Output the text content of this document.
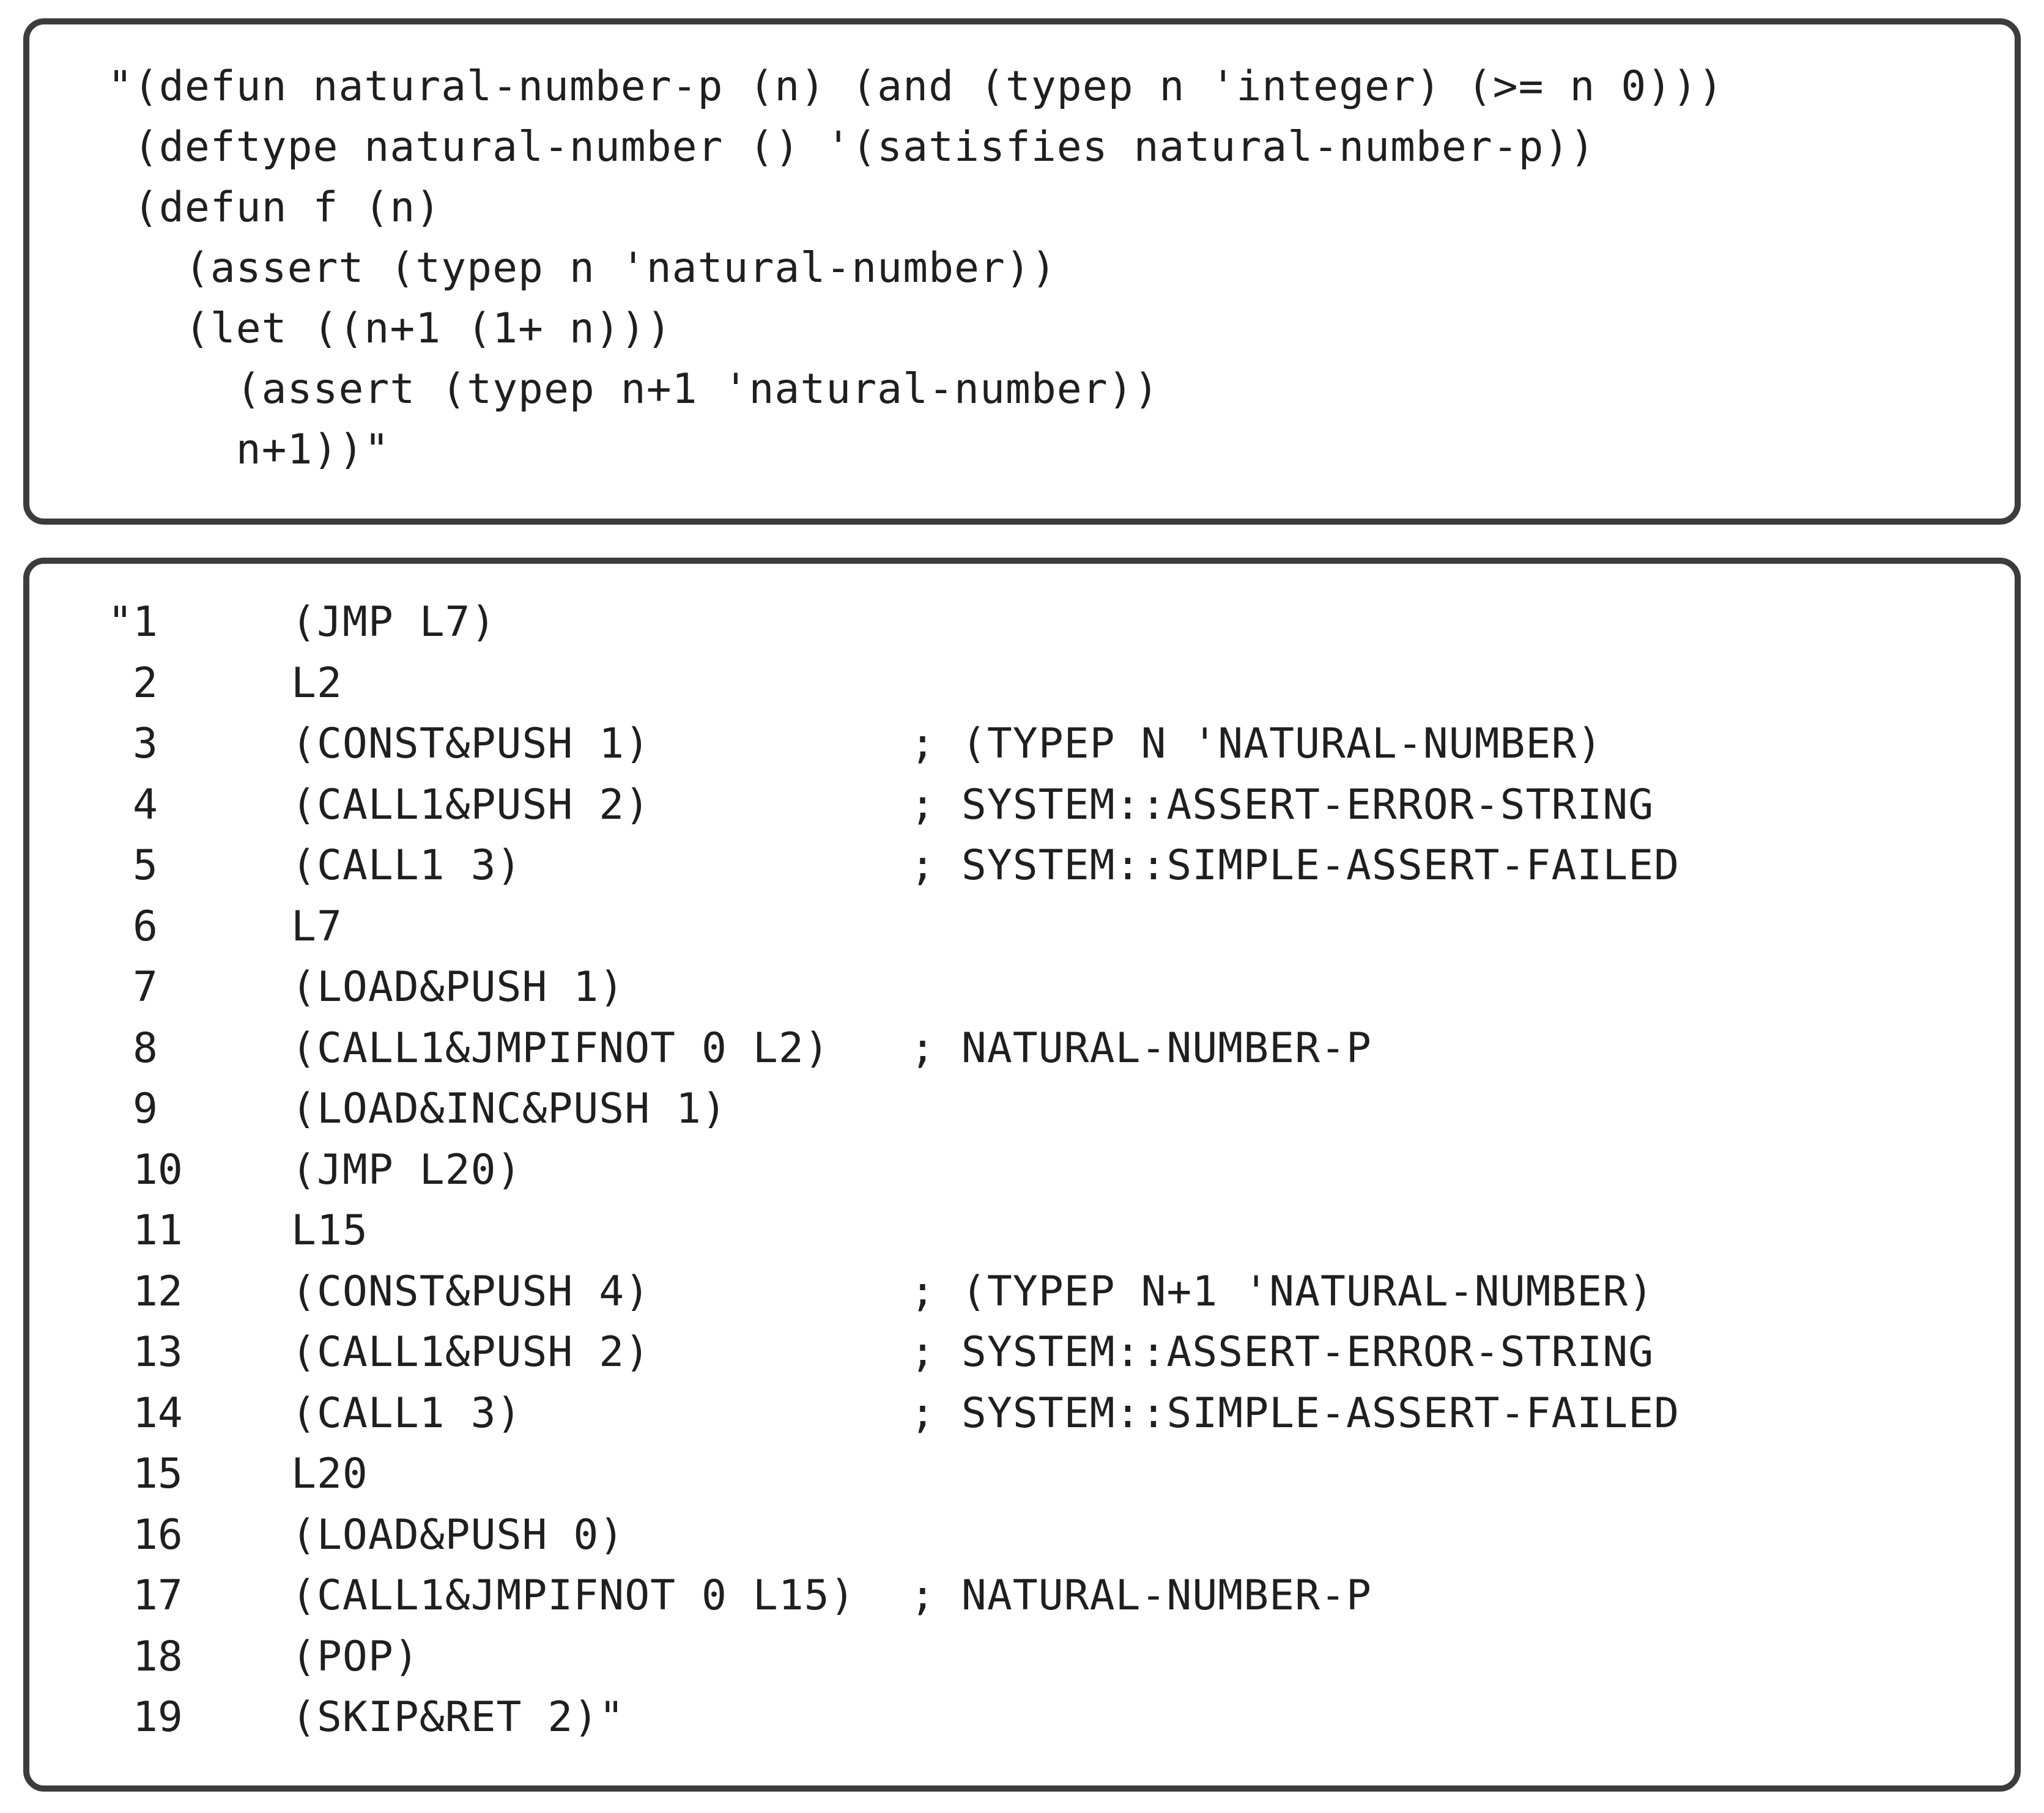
"(defun natural-number-p (n) (and (typep n 'integer) (>= n 0)))
(deftype natural-number () '(satisfies natural-number-p))
(defun f (n)
(assert (typep n 'natural-number))
(let ((n+1 (1+ n)))
(assert (typep n+1 'natural-number))
n+1))"
"1	(JMP L7)
2	L2
3	(CONST&PUSH 1)	; (TYPEP N 'NATURAL-NUMBER)
4	(CALL1&PUSH 2)	; SYSTEM::ASSERT-ERROR-STRING
5	(CALL1 3)	; SYSTEM::SIMPLE-ASSERT-FAILED
6	L7
7	(LOAD&PUSH 1)
8	(CALL1&JMPIFNOT 0 L2) ; NATURAL-NUMBER-P
9	(LOAD&INC&PUSH 1)
10	(JMP L20)
11	L15
12	(CONST&PUSH 4)	; (TYPEP N+1 'NATURAL-NUMBER)
13	(CALL1&PUSH 2)	; SYSTEM::ASSERT-ERROR-STRING
14	(CALL1 3)	; SYSTEM::SIMPLE-ASSERT-FAILED
15	L20
16	(LOAD&PUSH 0)
17	(CALL1&JMPIFNOT 0 L15) ; NATURAL-NUMBER-P
18	(POP)
19	(SKIP&RET 2)"
